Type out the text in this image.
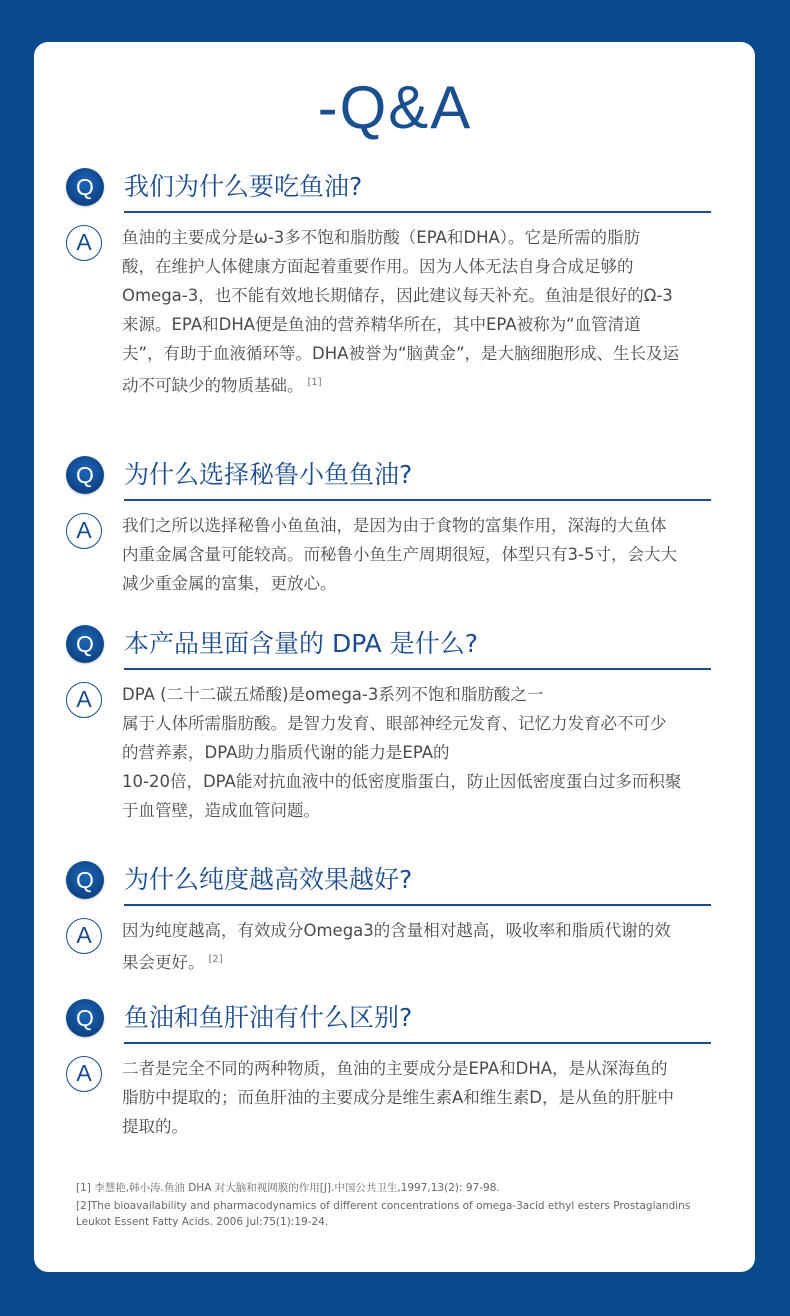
-Q&A
Q	我们为什么要吃鱼油?
A	鱼油的主要成分是ω-3多不饱和脂肪酸（EPA和DHA）。它是所需的脂肪
酸，在维护人体健康方面起着重要作用。因为人体无法自身合成足够的
Omega-3，也不能有效地长期储存，因此建议每天补充。鱼油是很好的Ω-3
来源。EPA和DHA便是鱼油的营养精华所在，其中EPA被称为“血管清道
夫”，有助于血液循环等。DHA被誉为“脑黄金”，是大脑细胞形成、生长及运
动不可缺少的物质基础。 [1]
Q	为什么选择秘鲁小鱼鱼油?
A	我们之所以选择秘鲁小鱼鱼油，是因为由于食物的富集作用，深海的大鱼体
内重金属含量可能较高。而秘鲁小鱼生产周期很短，体型只有3-5寸，会大大
减少重金属的富集，更放心。
Q	本产品里面含量的 DPA 是什么?
A	DPA (二十二碳五烯酸)是omega-3系列不饱和脂肪酸之一
属于人体所需脂肪酸。是智力发育、眼部神经元发育、记忆力发育必不可少
的营养素，DPA助力脂质代谢的能力是EPA的
10-20倍，DPA能对抗血液中的低密度脂蛋白，防止因低密度蛋白过多而积聚
于血管壁，造成血管问题。
Q	为什么纯度越高效果越好?
A	因为纯度越高，有效成分Omega3的含量相对越高，吸收率和脂质代谢的效
果会更好。 [2]
Q	鱼油和鱼肝油有什么区别?
A	二者是完全不同的两种物质，鱼油的主要成分是EPA和DHA，是从深海鱼的
脂肪中提取的；而鱼肝油的主要成分是维生素A和维生素D，是从鱼的肝脏中
提取的。
[1] 李慧艳,韩小涛.鱼油 DHA 对大脑和视网膜的作用[J].中国公共卫生,1997,13(2): 97-98.
[2]The bioavailability and pharmacodynamics of different concentrations of omega-3acid ethyl esters Prostaglandins
Leukot Essent Fatty Acids. 2006 Jul:75(1):19-24.
